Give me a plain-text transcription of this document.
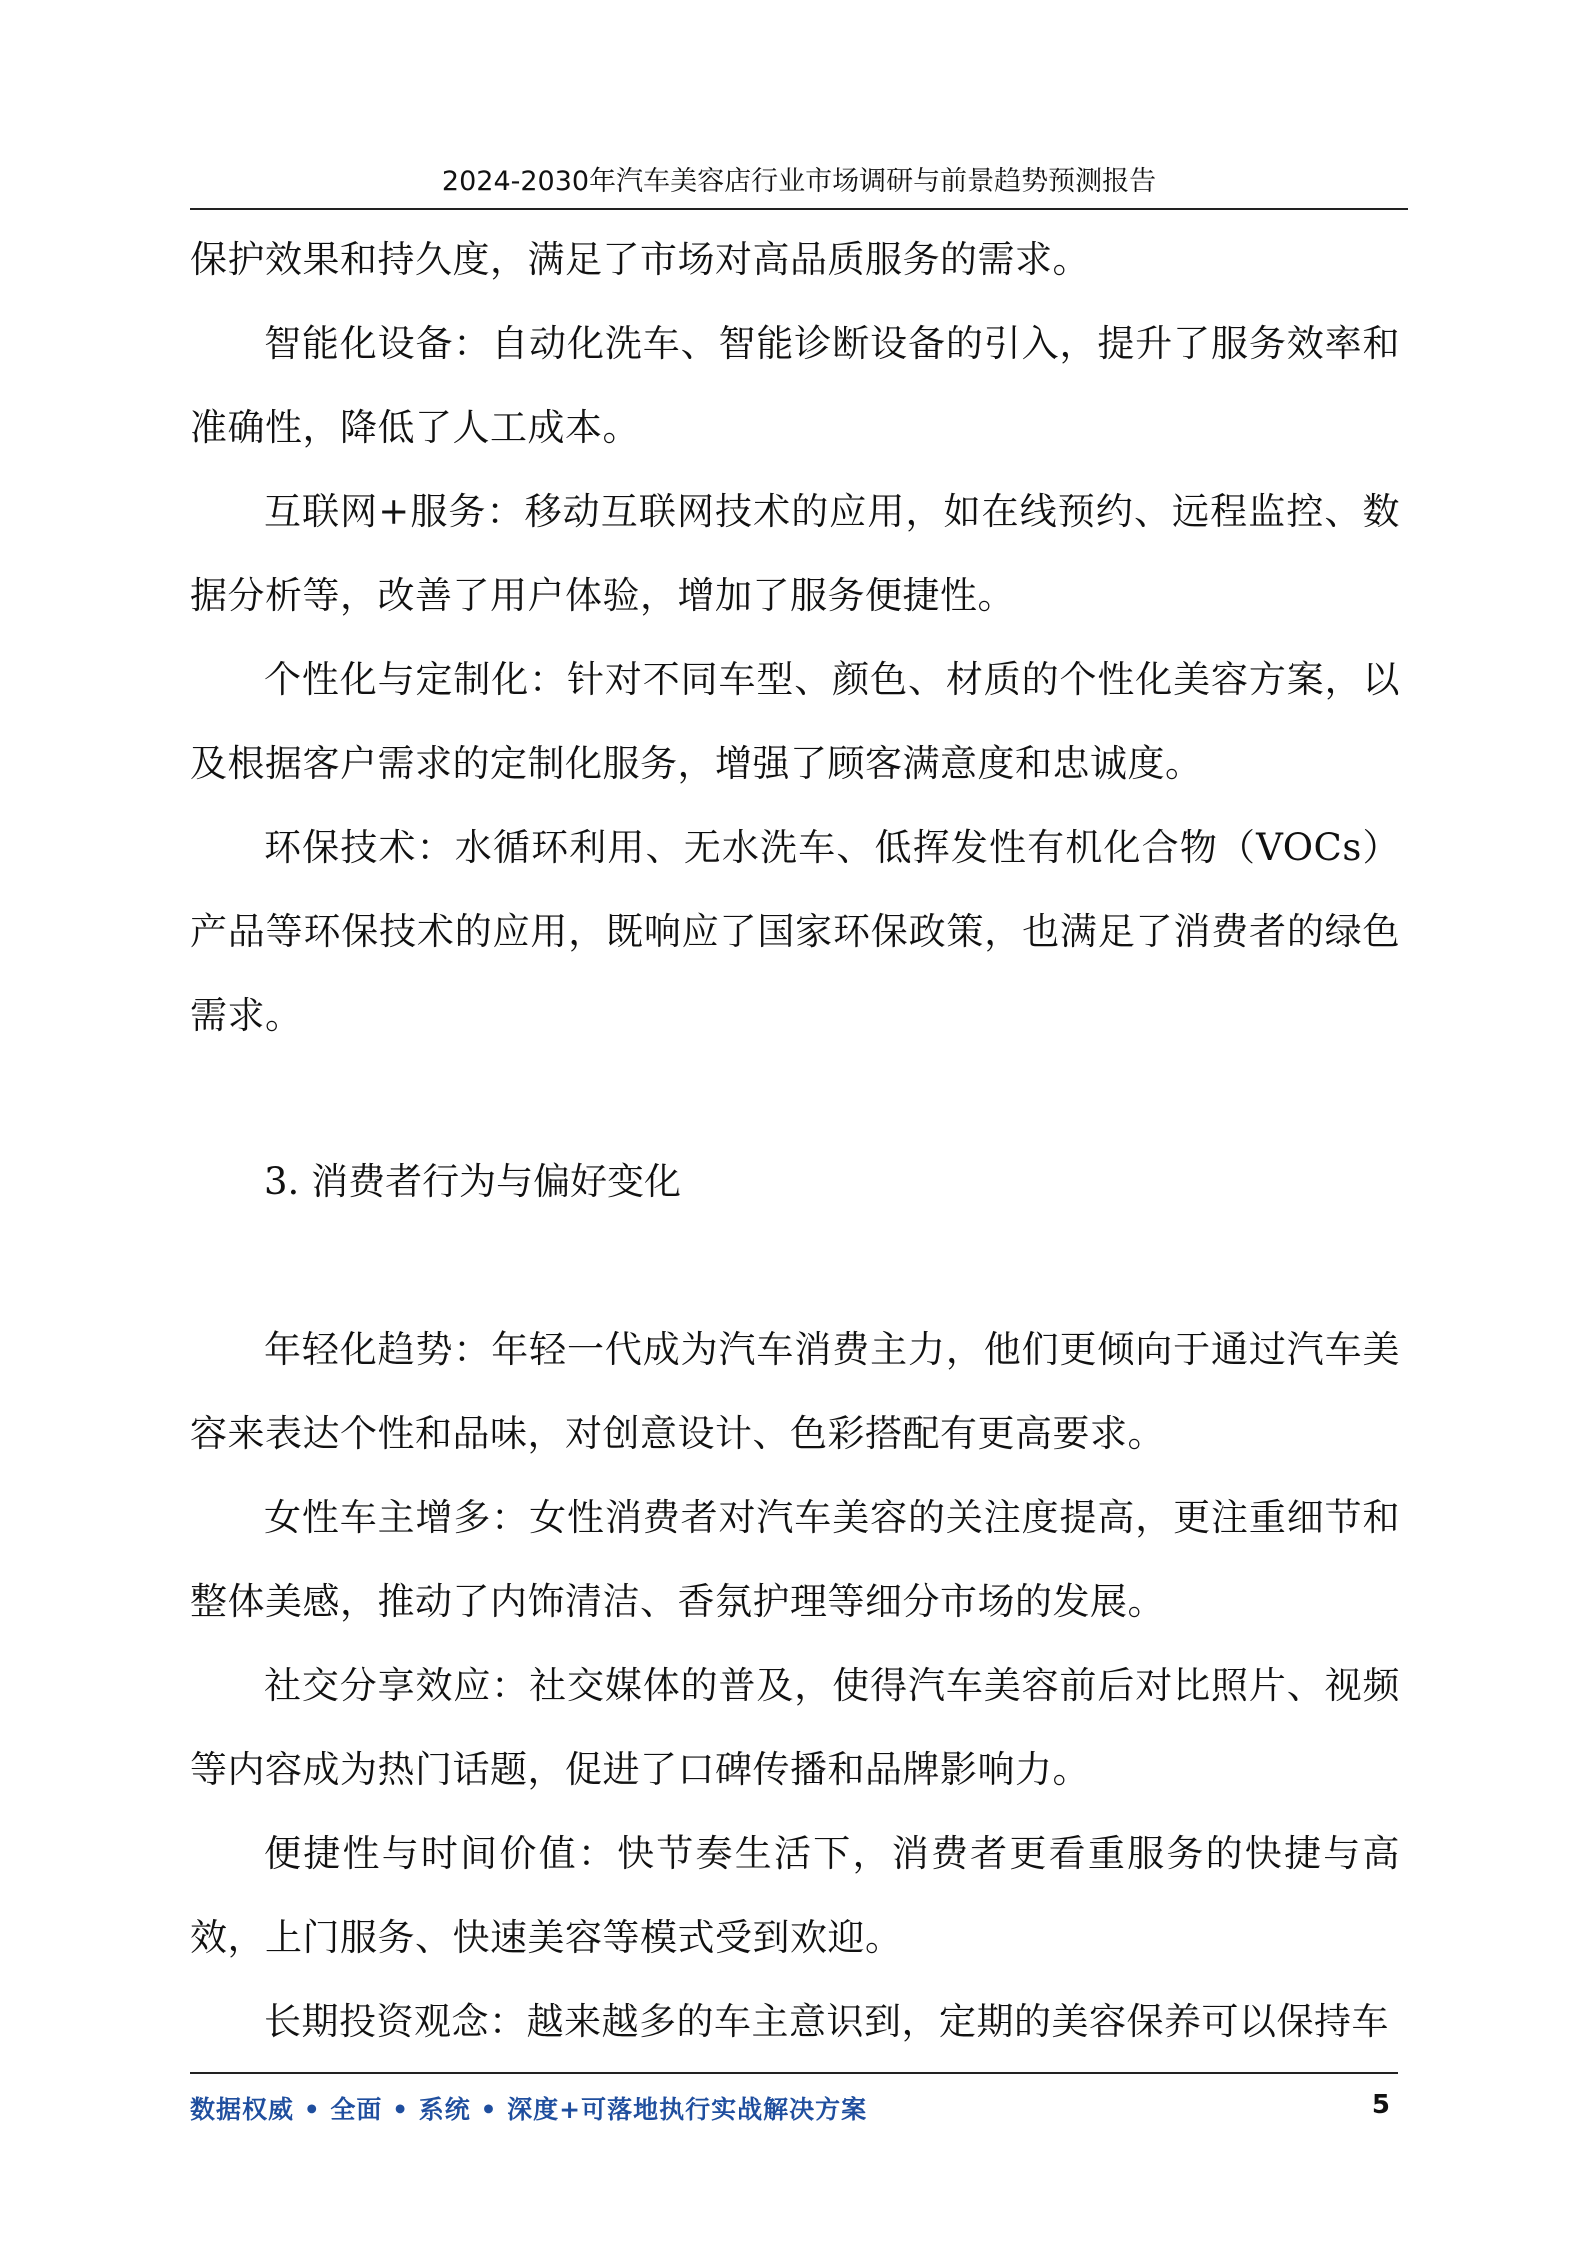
2024-2030年汽车美容店行业市场调研与前景趋势预测报告

保护效果和持久度，满足了市场对高品质服务的需求。

智能化设备：自动化洗车、智能诊断设备的引入，提升了服务效率和准确性，降低了人工成本。

互联网+服务：移动互联网技术的应用，如在线预约、远程监控、数据分析等，改善了用户体验，增加了服务便捷性。

个性化与定制化：针对不同车型、颜色、材质的个性化美容方案，以及根据客户需求的定制化服务，增强了顾客满意度和忠诚度。

环保技术：水循环利用、无水洗车、低挥发性有机化合物（VOCs）产品等环保技术的应用，既响应了国家环保政策，也满足了消费者的绿色需求。

3. 消费者行为与偏好变化

年轻化趋势：年轻一代成为汽车消费主力，他们更倾向于通过汽车美容来表达个性和品味，对创意设计、色彩搭配有更高要求。

女性车主增多：女性消费者对汽车美容的关注度提高，更注重细节和整体美感，推动了内饰清洁、香氛护理等细分市场的发展。

社交分享效应：社交媒体的普及，使得汽车美容前后对比照片、视频等内容成为热门话题，促进了口碑传播和品牌影响力。

便捷性与时间价值：快节奏生活下，消费者更看重服务的快捷与高效，上门服务、快速美容等模式受到欢迎。

长期投资观念：越来越多的车主意识到，定期的美容保养可以保持车

数据权威 • 全面 • 系统 • 深度+可落地执行实战解决方案	5
